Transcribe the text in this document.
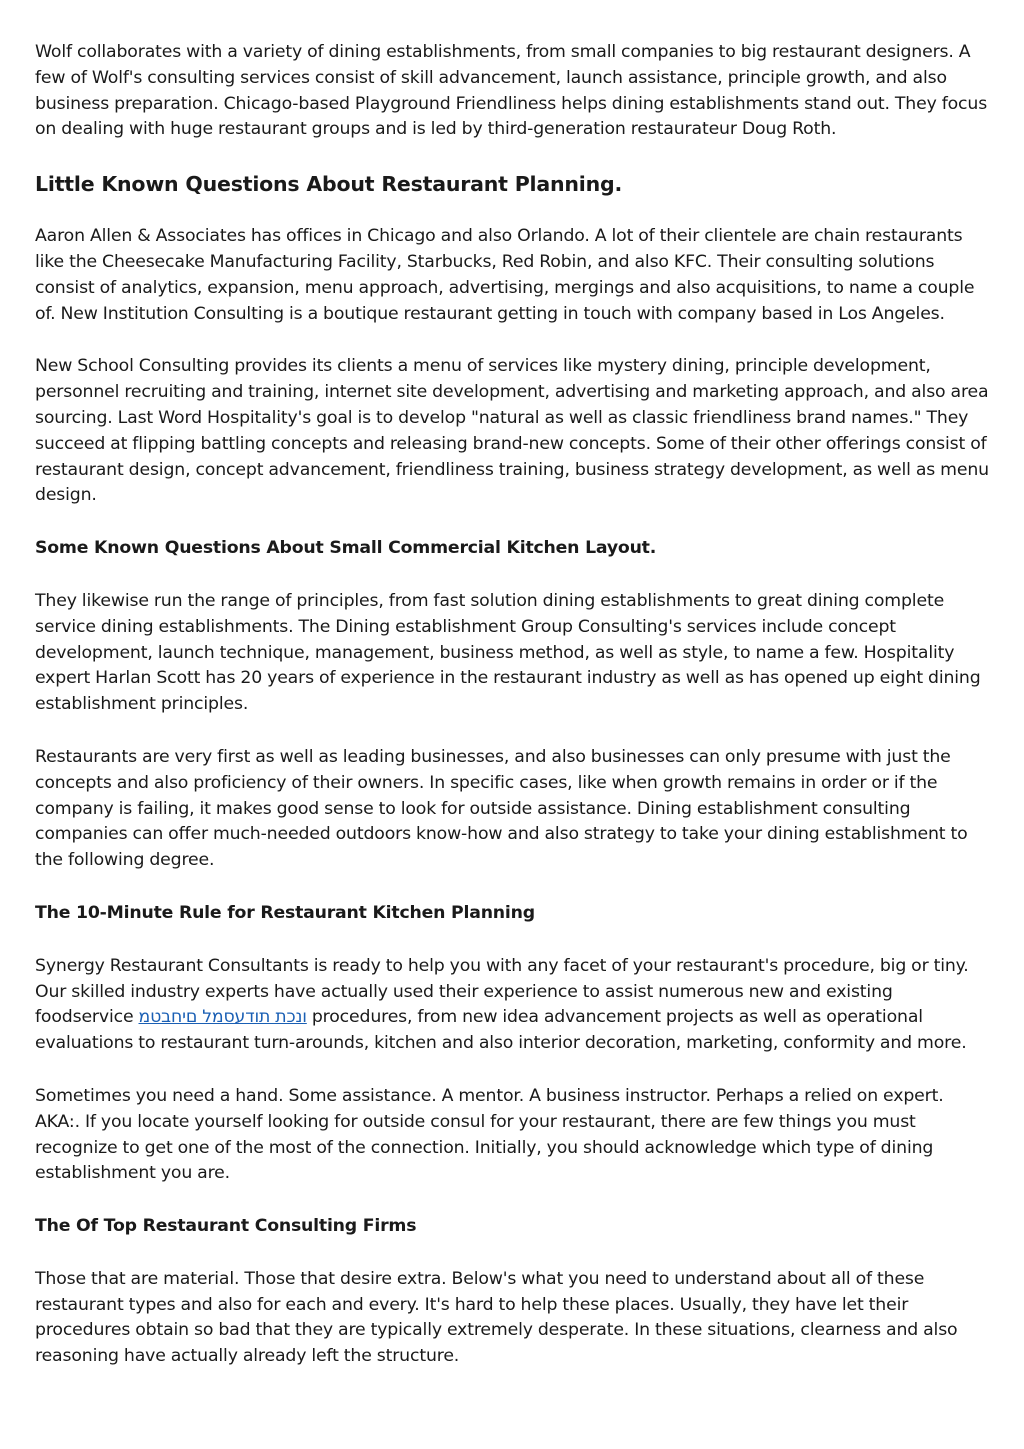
Wolf collaborates with a variety of dining establishments, from small companies to big restaurant designers. A few of Wolf's consulting services consist of skill advancement, launch assistance, principle growth, and also business preparation. Chicago-based Playground Friendliness helps dining establishments stand out. They focus on dealing with huge restaurant groups and is led by third-generation restaurateur Doug Roth.

Little Known Questions About Restaurant Planning.

Aaron Allen & Associates has offices in Chicago and also Orlando. A lot of their clientele are chain restaurants like the Cheesecake Manufacturing Facility, Starbucks, Red Robin, and also KFC. Their consulting solutions consist of analytics, expansion, menu approach, advertising, mergings and also acquisitions, to name a couple of. New Institution Consulting is a boutique restaurant getting in touch with company based in Los Angeles.

New School Consulting provides its clients a menu of services like mystery dining, principle development, personnel recruiting and training, internet site development, advertising and marketing approach, and also area sourcing. Last Word Hospitality's goal is to develop "natural as well as classic friendliness brand names." They succeed at flipping battling concepts and releasing brand-new concepts. Some of their other offerings consist of restaurant design, concept advancement, friendliness training, business strategy development, as well as menu design.

Some Known Questions About Small Commercial Kitchen Layout.

They likewise run the range of principles, from fast solution dining establishments to great dining complete service dining establishments. The Dining establishment Group Consulting's services include concept development, launch technique, management, business method, as well as style, to name a few. Hospitality expert Harlan Scott has 20 years of experience in the restaurant industry as well as has opened up eight dining establishment principles.

Restaurants are very first as well as leading businesses, and also businesses can only presume with just the concepts and also proficiency of their owners. In specific cases, like when growth remains in order or if the company is failing, it makes good sense to look for outside assistance. Dining establishment consulting companies can offer much-needed outdoors know-how and also strategy to take your dining establishment to the following degree.

The 10-Minute Rule for Restaurant Kitchen Planning

Synergy Restaurant Consultants is ready to help you with any facet of your restaurant's procedure, big or tiny. Our skilled industry experts have actually used their experience to assist numerous new and existing foodservice ונכת תודעסמל םיחבטמ procedures, from new idea advancement projects as well as operational evaluations to restaurant turn-arounds, kitchen and also interior decoration, marketing, conformity and more.

Sometimes you need a hand. Some assistance. A mentor. A business instructor. Perhaps a relied on expert. AKA:. If you locate yourself looking for outside consul for your restaurant, there are few things you must recognize to get one of the most of the connection. Initially, you should acknowledge which type of dining establishment you are.

The Of Top Restaurant Consulting Firms

Those that are material. Those that desire extra. Below's what you need to understand about all of these restaurant types and also for each and every. It's hard to help these places. Usually, they have let their procedures obtain so bad that they are typically extremely desperate. In these situations, clearness and also reasoning have actually already left the structure.
